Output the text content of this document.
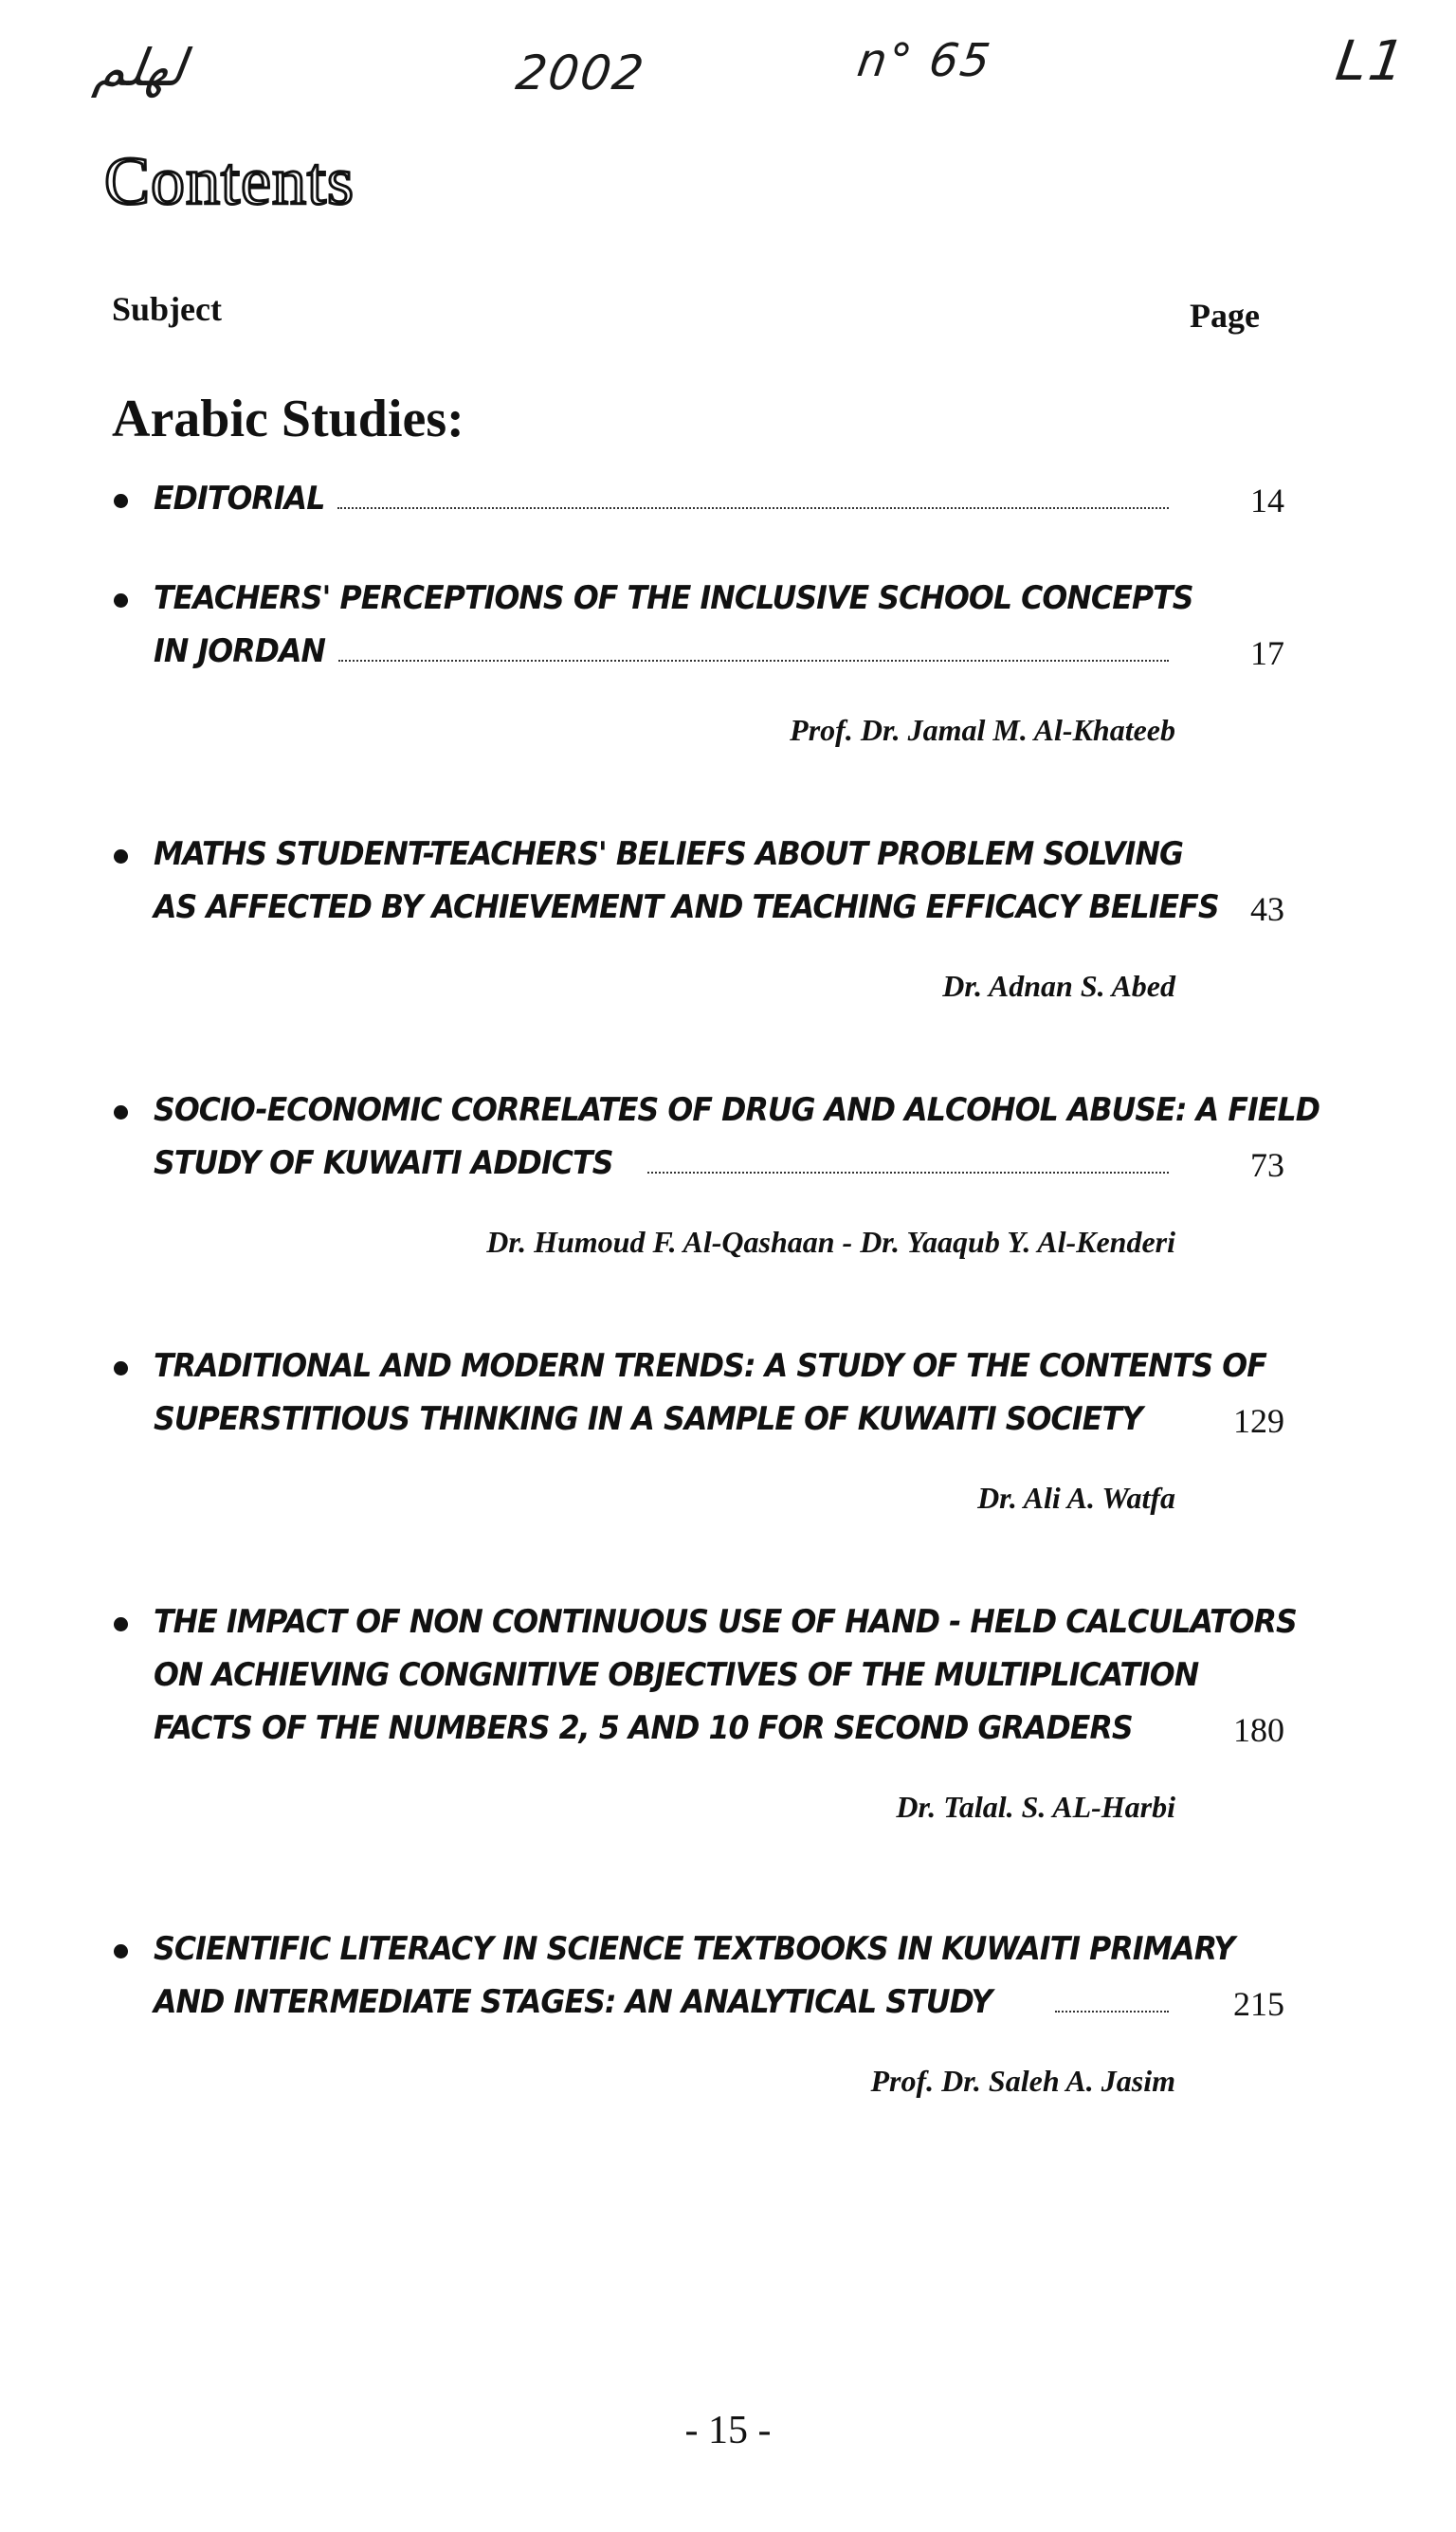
لهلم	2002	n° 65	L1
Contents
Subject	Page
Arabic Studies:
EDITORIAL	14
TEACHERS' PERCEPTIONS OF THE INCLUSIVE SCHOOL CONCEPTS
IN JORDAN	17
Prof. Dr. Jamal M. Al-Khateeb
MATHS STUDENT-TEACHERS' BELIEFS ABOUT PROBLEM SOLVING
AS AFFECTED BY ACHIEVEMENT AND TEACHING EFFICACY BELIEFS 43
Dr. Adnan S. Abed
SOCIO-ECONOMIC CORRELATES OF DRUG AND ALCOHOL ABUSE: A FIELD
STUDY OF KUWAITI ADDICTS	73
Dr. Humoud F. Al-Qashaan - Dr. Yaaqub Y. Al-Kenderi
TRADITIONAL AND MODERN TRENDS: A STUDY OF THE CONTENTS OF
SUPERSTITIOUS THINKING IN A SAMPLE OF KUWAITI SOCIETY	129
Dr. Ali A. Watfa
THE IMPACT OF NON CONTINUOUS USE OF HAND - HELD CALCULATORS
ON ACHIEVING CONGNITIVE OBJECTIVES OF THE MULTIPLICATION
FACTS OF THE NUMBERS 2, 5 AND 10 FOR SECOND GRADERS	180
Dr. Talal. S. AL-Harbi
SCIENTIFIC LITERACY IN SCIENCE TEXTBOOKS IN KUWAITI PRIMARY
AND INTERMEDIATE STAGES: AN ANALYTICAL STUDY	215
Prof. Dr. Saleh A. Jasim
- 15 -
